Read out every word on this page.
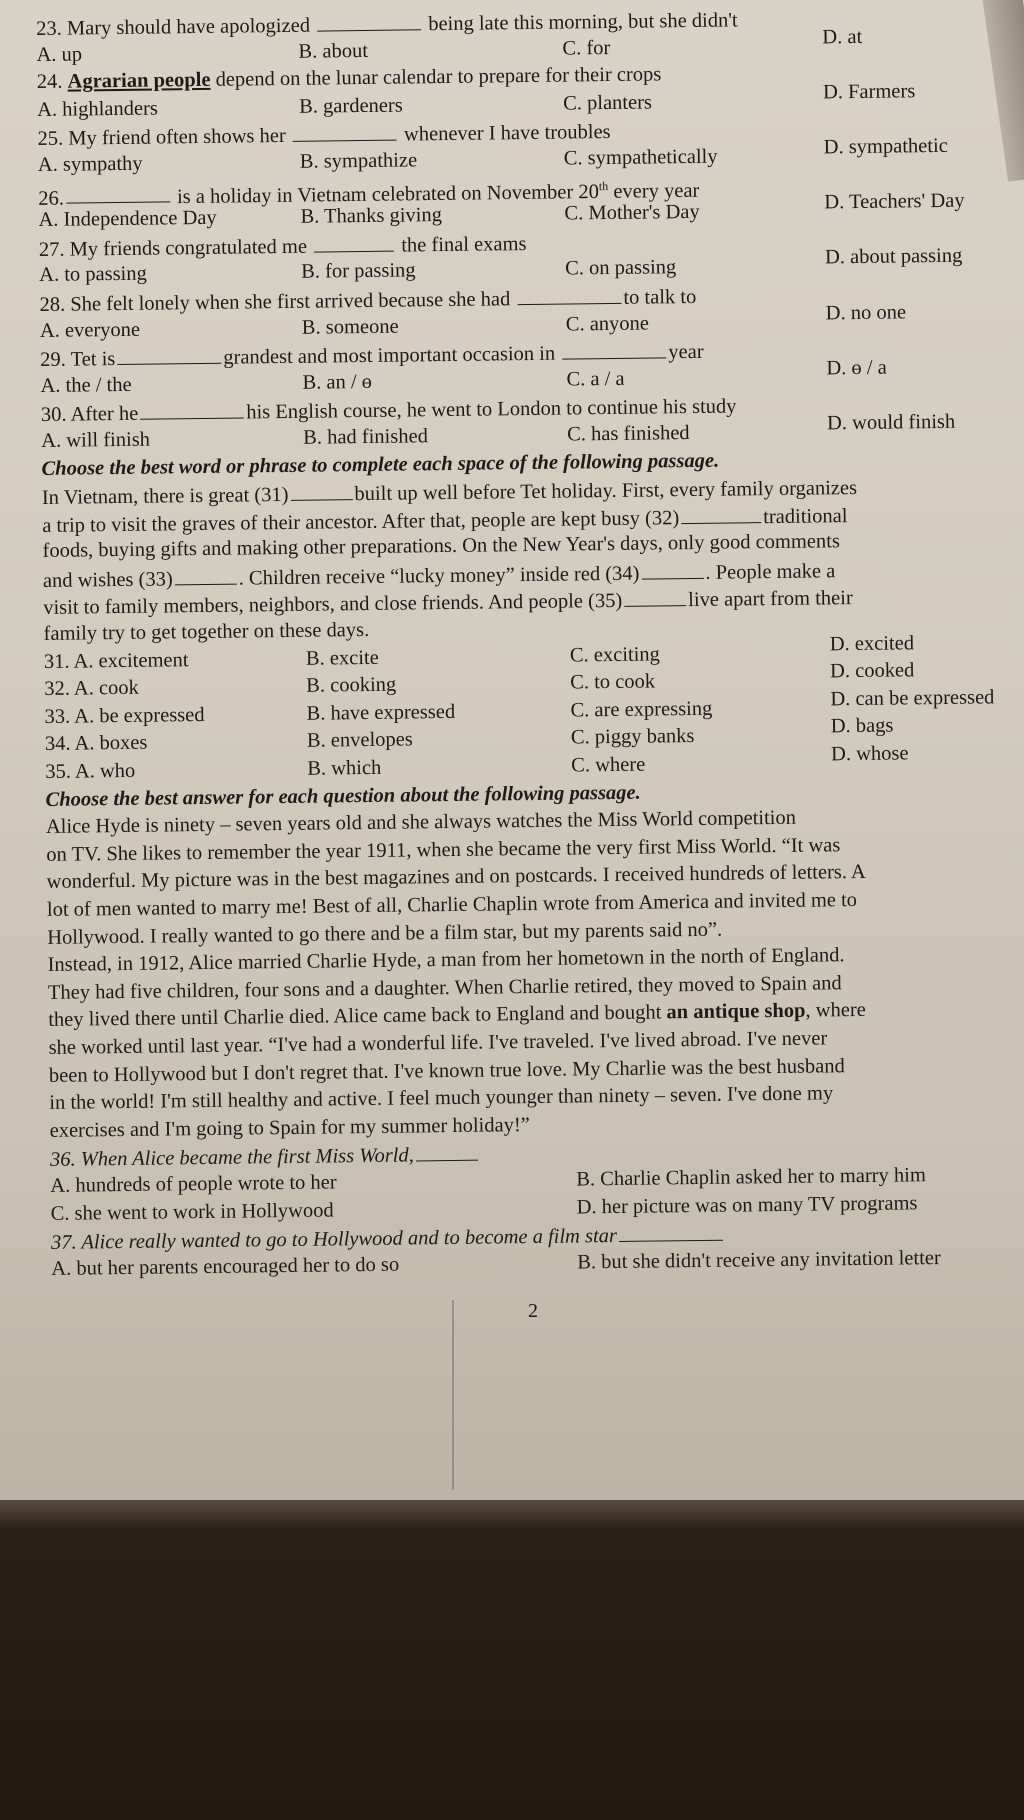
23. Mary should have apologized	being late this morning, but she didn't
A. up	B. about	C. for	D. at
24. Agrarian people depend on the lunar calendar to prepare for their crops
A. highlanders	B. gardeners	C. planters	D. Farmers
25. My friend often shows her	whenever I have troubles
A. sympathy	B. sympathize	C. sympathetically	D. sympathetic
26.	is a holiday in Vietnam celebrated on November 20th every year
A. Independence Day	B. Thanks giving	C. Mother's Day	D. Teachers' Day
27. My friends congratulated me	the final exams
A. to passing	B. for passing	C. on passing	D. about passing
28. She felt lonely when she first arrived because she had	to talk to
A. everyone	B. someone	C. anyone	D. no one
29. Tet is	grandest and most important occasion in	year
A. the / the	B. an / ɵ	C. a / a	D. ɵ / a
30. After he	his English course, he went to London to continue his study
A. will finish	B. had finished	C. has finished	D. would finish
Choose the best word or phrase to complete each space of the following passage.
In Vietnam, there is great (31)	built up well before Tet holiday. First, every family organizes
a trip to visit the graves of their ancestor. After that, people are kept busy (32)	traditional
foods, buying gifts and making other preparations. On the New Year's days, only good comments
and wishes (33)	. Children receive “lucky money” inside red (34)	. People make a
visit to family members, neighbors, and close friends. And people (35)	live apart from their
family try to get together on these days.
31. A. excitement	B. excite	C. exciting	D. excited
32. A. cook	B. cooking	C. to cook	D. cooked
33. A. be expressed	B. have expressed	C. are expressing	D. can be expressed
34. A. boxes	B. envelopes	C. piggy banks	D. bags
35. A. who	B. which	C. where	D. whose
Choose the best answer for each question about the following passage.
Alice Hyde is ninety – seven years old and she always watches the Miss World competition
on TV. She likes to remember the year 1911, when she became the very first Miss World. “It was
wonderful. My picture was in the best magazines and on postcards. I received hundreds of letters. A
lot of men wanted to marry me! Best of all, Charlie Chaplin wrote from America and invited me to
Hollywood. I really wanted to go there and be a film star, but my parents said no”.
Instead, in 1912, Alice married Charlie Hyde, a man from her hometown in the north of England.
They had five children, four sons and a daughter. When Charlie retired, they moved to Spain and
they lived there until Charlie died. Alice came back to England and bought an antique shop, where
she worked until last year. “I've had a wonderful life. I've traveled. I've lived abroad. I've never
been to Hollywood but I don't regret that. I've known true love. My Charlie was the best husband
in the world! I'm still healthy and active. I feel much younger than ninety – seven. I've done my
exercises and I'm going to Spain for my summer holiday!”
36. When Alice became the first Miss World,
A. hundreds of people wrote to her	B. Charlie Chaplin asked her to marry him
C. she went to work in Hollywood	D. her picture was on many TV programs
37. Alice really wanted to go to Hollywood and to become a film star
A. but her parents encouraged her to do so	B. but she didn't receive any invitation letter
2
